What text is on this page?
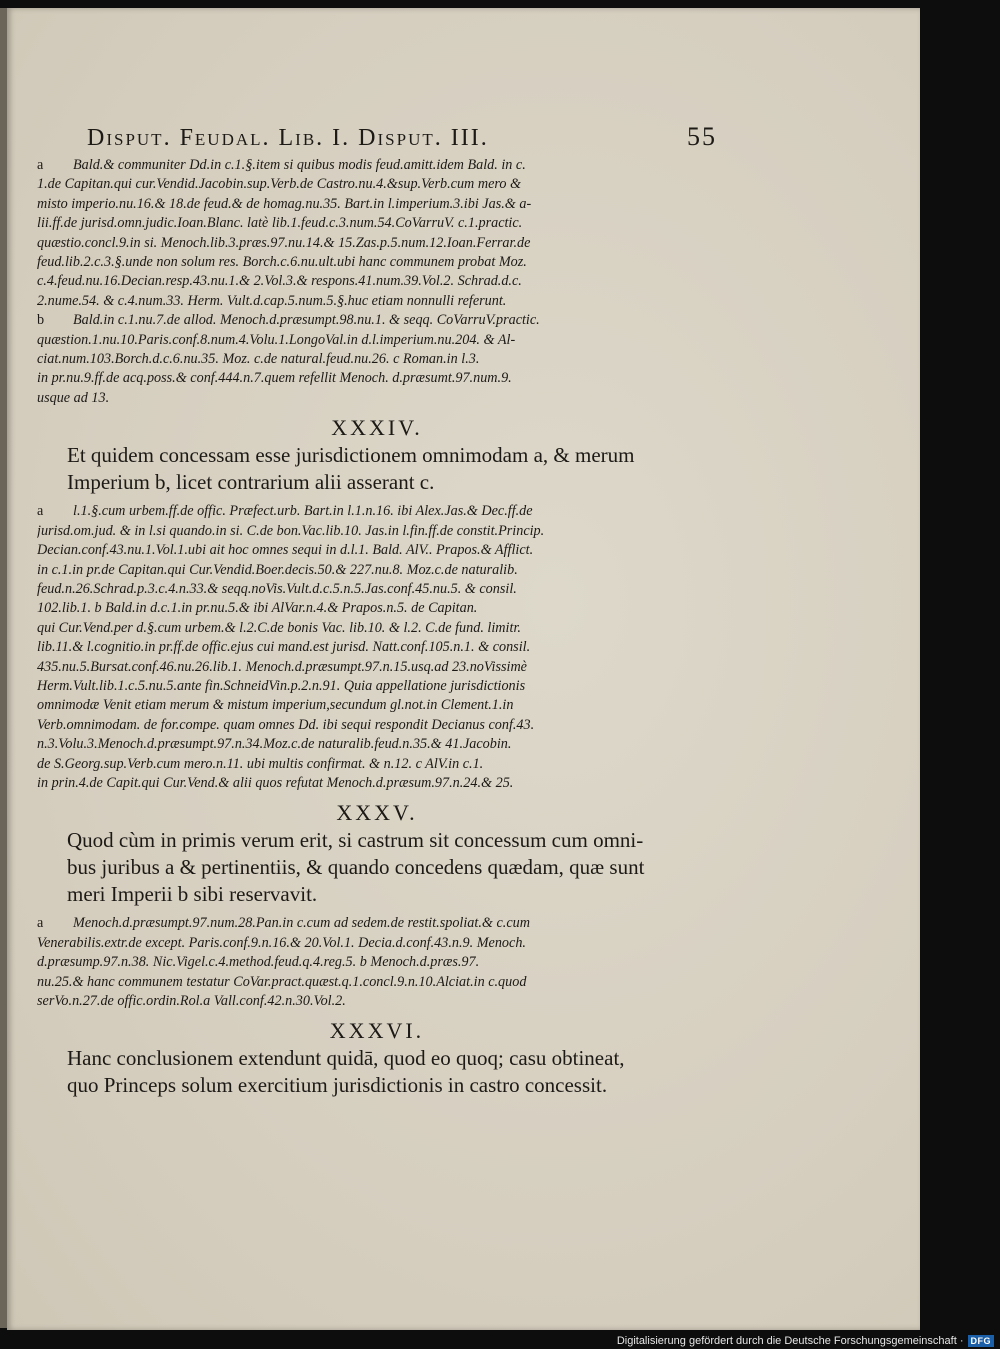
Disput. Feudal. Lib. I. Disput. III.	55
a Bald.& communiter Dd.in c.1.§.item si quibus modis feud.amitt.idem Bald. in c.
1.de Capitan.qui cur.Vendid.Jacobin.sup.Verb.de Castro.nu.4.&sup.Verb.cum mero &
misto imperio.nu.16.& 18.de feud.& de homag.nu.35. Bart.in l.imperium.3.ibi Jas.& a-
lii.ff.de jurisd.omn.judic.Ioan.Blanc. latè lib.1.feud.c.3.num.54.CoVarruV. c.1.practic.
quæstio.concl.9.in si. Menoch.lib.3.præs.97.nu.14.& 15.Zas.p.5.num.12.Ioan.Ferrar.de
feud.lib.2.c.3.§.unde non solum res. Borch.c.6.nu.ult.ubi hanc communem probat Moz.
c.4.feud.nu.16.Decian.resp.43.nu.1.& 2.Vol.3.& respons.41.num.39.Vol.2. Schrad.d.c.
2.nume.54. & c.4.num.33. Herm. Vult.d.cap.5.num.5.§.huc etiam nonnulli referunt.
b Bald.in c.1.nu.7.de allod. Menoch.d.præsumpt.98.nu.1. & seqq. CoVarruV.practic.
quæstion.1.nu.10.Paris.conf.8.num.4.Volu.1.LongoVal.in d.l.imperium.nu.204. & Al-
ciat.num.103.Borch.d.c.6.nu.35. Moz. c.de natural.feud.nu.26. c Roman.in l.3.
in pr.nu.9.ff.de acq.poss.& conf.444.n.7.quem refellit Menoch. d.præsumt.97.num.9.
usque ad 13.
XXXIV.
Et quidem concessam esse jurisdictionem omnimodam a, & merum
Imperium b, licet contrarium alii asserant c.
a l.1.§.cum urbem.ff.de offic. Præfect.urb. Bart.in l.1.n.16. ibi Alex.Jas.& Dec.ff.de
jurisd.om.jud. & in l.si quando.in si. C.de bon.Vac.lib.10. Jas.in l.fin.ff.de constit.Princip.
Decian.conf.43.nu.1.Vol.1.ubi ait hoc omnes sequi in d.l.1. Bald. AlV.. Prapos.& Afflict.
in c.1.in pr.de Capitan.qui Cur.Vendid.Boer.decis.50.& 227.nu.8. Moz.c.de naturalib.
feud.n.26.Schrad.p.3.c.4.n.33.& seqq.noVis.Vult.d.c.5.n.5.Jas.conf.45.nu.5. & consil.
102.lib.1. b Bald.in d.c.1.in pr.nu.5.& ibi AlVar.n.4.& Prapos.n.5. de Capitan.
qui Cur.Vend.per d.§.cum urbem.& l.2.C.de bonis Vac. lib.10. & l.2. C.de fund. limitr.
lib.11.& l.cognitio.in pr.ff.de offic.ejus cui mand.est jurisd. Natt.conf.105.n.1. & consil.
435.nu.5.Bursat.conf.46.nu.26.lib.1. Menoch.d.præsumpt.97.n.15.usq.ad 23.noVissimè
Herm.Vult.lib.1.c.5.nu.5.ante fin.SchneidVin.p.2.n.91. Quia appellatione jurisdictionis
omnimodæ Venit etiam merum & mistum imperium,secundum gl.not.in Clement.1.in
Verb.omnimodam. de for.compe. quam omnes Dd. ibi sequi respondit Decianus conf.43.
n.3.Volu.3.Menoch.d.præsumpt.97.n.34.Moz.c.de naturalib.feud.n.35.& 41.Jacobin.
de S.Georg.sup.Verb.cum mero.n.11. ubi multis confirmat. & n.12. c AlV.in c.1.
in prin.4.de Capit.qui Cur.Vend.& alii quos refutat Menoch.d.præsum.97.n.24.& 25.
XXXV.
Quod cùm in primis verum erit, si castrum sit concessum cum omni-
bus juribus a & pertinentiis, & quando concedens quædam, quæ sunt
meri Imperii b sibi reservavit.
a Menoch.d.præsumpt.97.num.28.Pan.in c.cum ad sedem.de restit.spoliat.& c.cum
Venerabilis.extr.de except. Paris.conf.9.n.16.& 20.Vol.1. Decia.d.conf.43.n.9. Menoch.
d.præsump.97.n.38. Nic.Vigel.c.4.method.feud.q.4.reg.5. b Menoch.d.præs.97.
nu.25.& hanc communem testatur CoVar.pract.quæst.q.1.concl.9.n.10.Alciat.in c.quod
serVo.n.27.de offic.ordin.Rol.a Vall.conf.42.n.30.Vol.2.
XXXVI.
Hanc conclusionem extendunt quidā, quod eo quoq; casu obtineat,
quo Princeps solum exercitium jurisdictionis in castro concessit.
Digitalisierung gefördert durch die Deutsche Forschungsgemeinschaft · DFG
